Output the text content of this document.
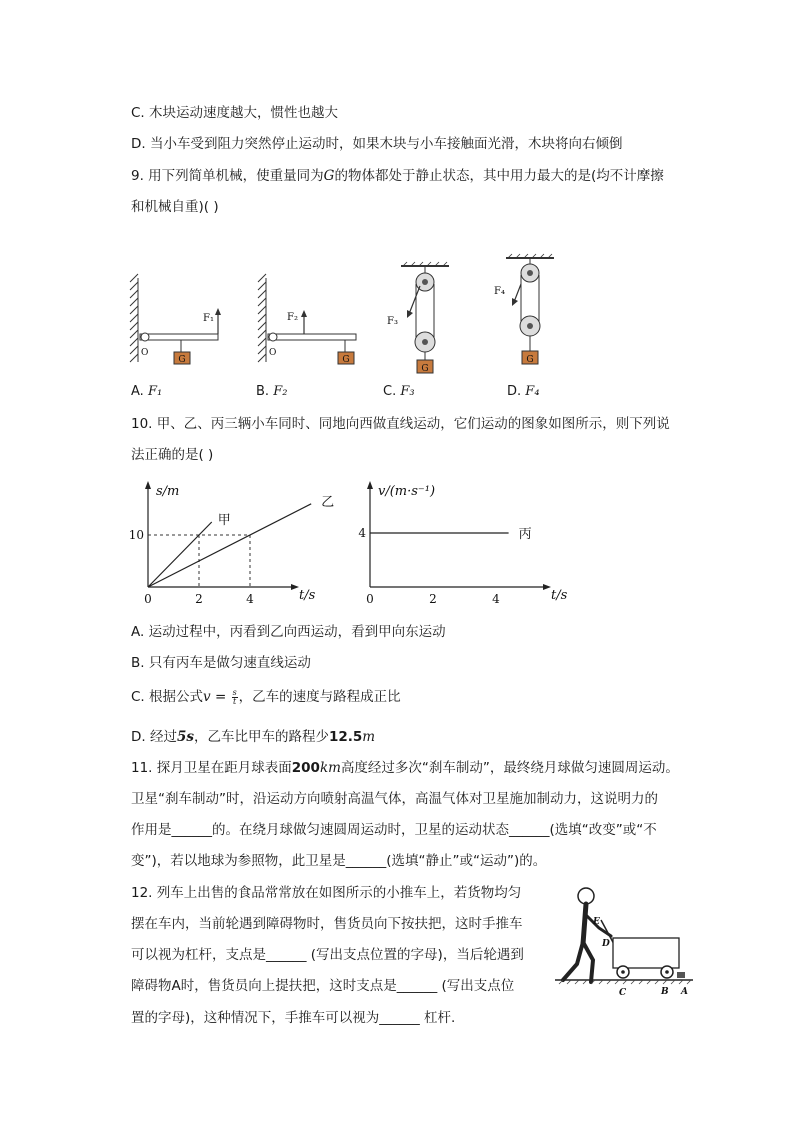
C. 木块运动速度越大，惯性也越大
D. 当小车受到阻力突然停止运动时，如果木块与小车接触面光滑，木块将向右倾倒
9. 用下列简单机械，使重量同为G的物体都处于静止状态，其中用力最大的是(均不计摩擦
和机械自重)( )
G
F₁
O
G
F₂
O
G
F₃
G
F₄
A. F₁	B. F₂	C. F₃	D. F₄
10. 甲、乙、丙三辆小车同时、同地向西做直线运动，它们运动的图象如图所示，则下列说
法正确的是( )
t/s
s/m
0	2	4
10
甲
乙
t/s
v/(m·s⁻¹)
0	2	4
4	丙
A. 运动过程中，丙看到乙向西运动，看到甲向东运动
B. 只有丙车是做匀速直线运动
C. 根据公式$v = \frac{s}{t}$ ，乙车的速度与路程成正比
D. 经过5s，乙车比甲车的路程少12.5m
11. 探月卫星在距月球表面200km高度经过多次“刹车制动”，最终绕月球做匀速圆周运动。
卫星“刹车制动”时，沿运动方向喷射高温气体，高温气体对卫星施加制动力，这说明力的
作用是______的。在绕月球做匀速圆周运动时，卫星的运动状态______(选填“改变”或“不
变”)，若以地球为参照物，此卫星是______(选填“静止”或“运动”)的。
12. 列车上出售的食品常常放在如图所示的小推车上，若货物均匀
摆在车内，当前轮遇到障碍物时，售货员向下按扶把，这时手推车
可以视为杠杆，支点是______ (写出支点位置的字母)，当后轮遇到
障碍物A时，售货员向上提扶把，这时支点是______ (写出支点位
置的字母)，这种情况下，手推车可以视为______ 杠杆.
E
D
C	B A
